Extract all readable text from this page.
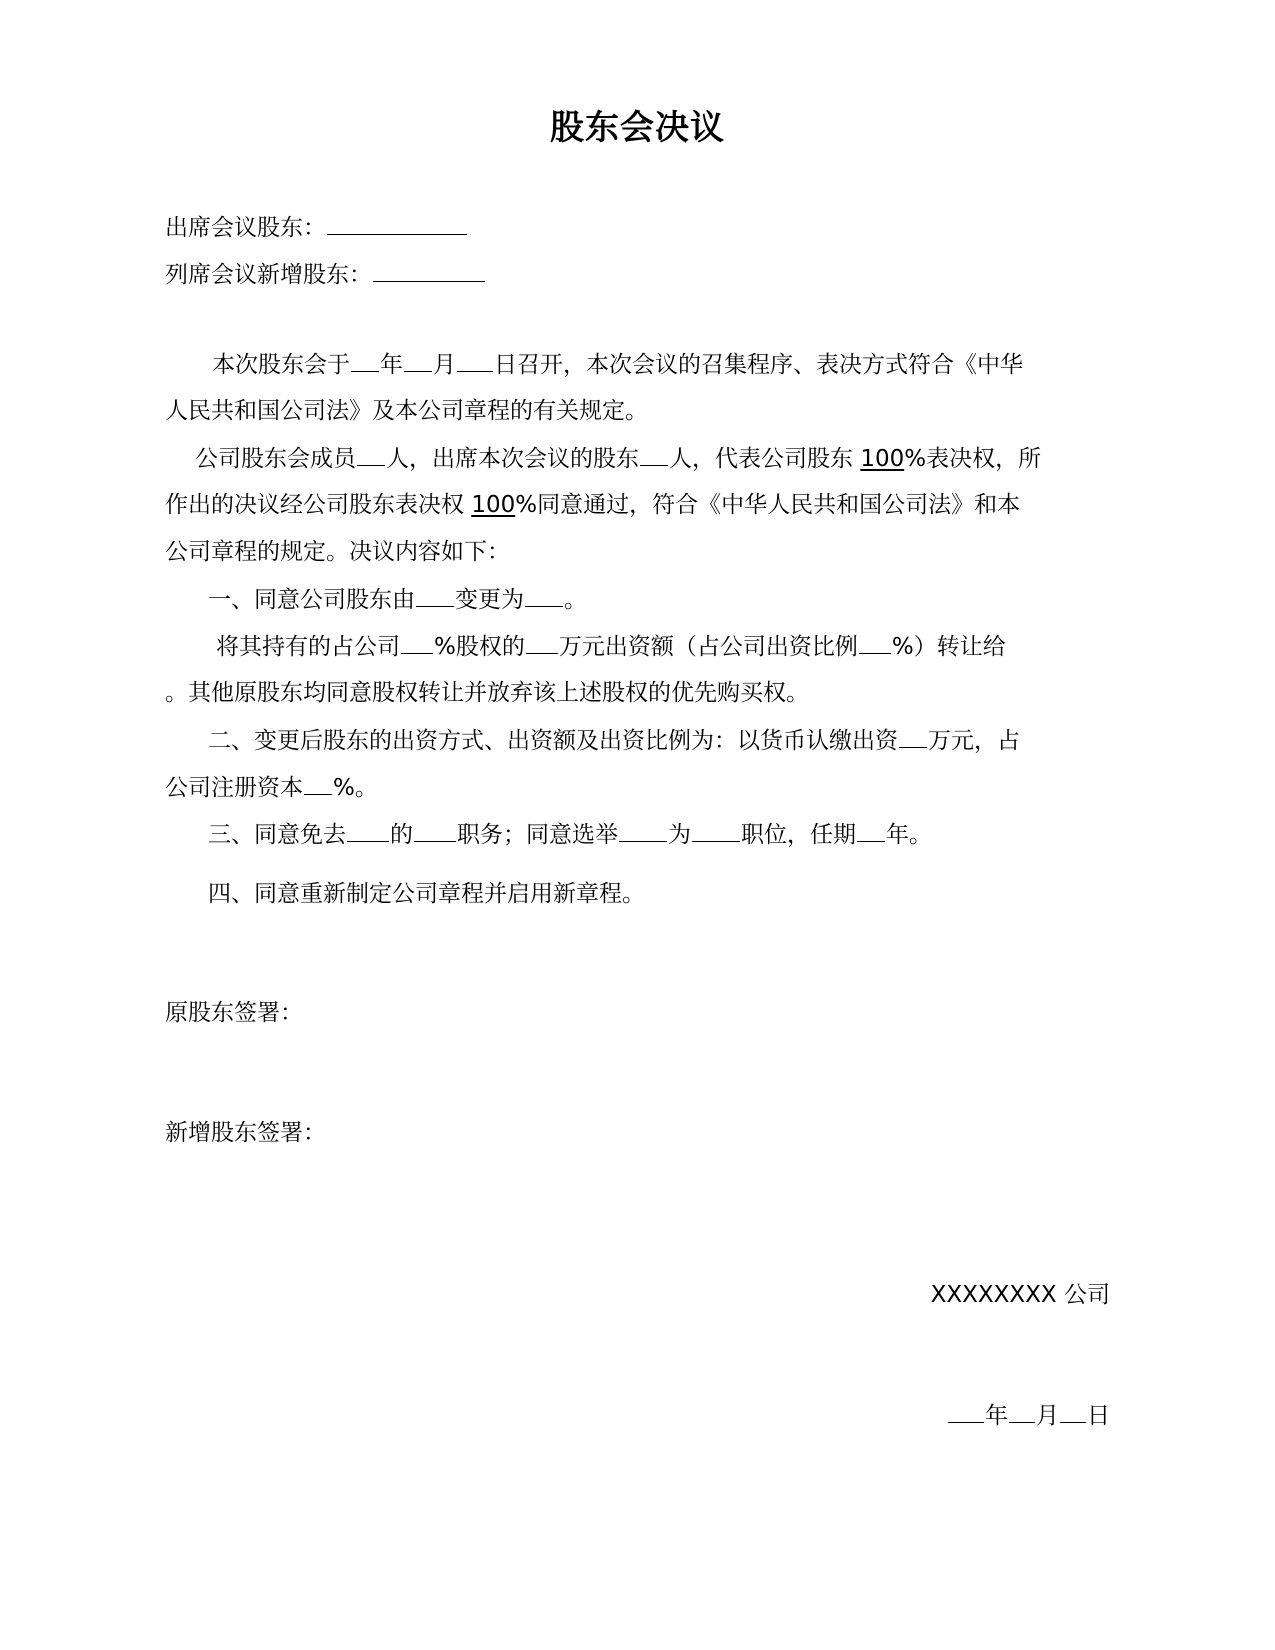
股东会决议
出席会议股东：
列席会议新增股东：
本次股东会于 年 月 日召开，本次会议的召集程序、表决方式符合《中华
人民共和国公司法》及本公司章程的有关规定。
公司股东会成员 人，出席本次会议的股东 人，代表公司股东 100%表决权，所
作出的决议经公司股东表决权 100%同意通过，符合《中华人民共和国公司法》和本
公司章程的规定。决议内容如下：
一、同意公司股东由 变更为 。
将其持有的占公司 %股权的 万元出资额（占公司出资比例 %）转让给
。其他原股东均同意股权转让并放弃该上述股权的优先购买权。
二、变更后股东的出资方式、出资额及出资比例为：以货币认缴出资 万元，占
公司注册资本 %。
三、同意免去 的 职务；同意选举 为 职位，任期 年。
四、同意重新制定公司章程并启用新章程。
原股东签署：
新增股东签署：
XXXXXXXX 公司
年 月 日
